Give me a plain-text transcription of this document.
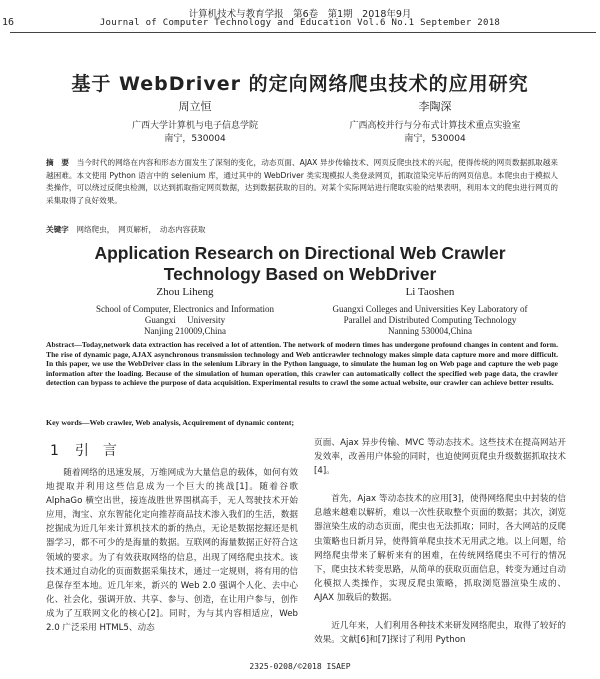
16
计算机技术与教育学报　第6卷　第1期　2018年9月
Journal of Computer Technology and Education Vol.6 No.1 September 2018
基于 WebDriver 的定向网络爬虫技术的应用研究
周立恒
广西大学计算机与电子信息学院
南宁，530004
李陶深
广西高校并行与分布式计算技术重点实验室
南宁，530004
摘　要　 当今时代的网络在内容和形态方面发生了深刻的变化，动态页面、AJAX 异步传输技术、网页反爬虫技术的兴起，使得传统的网页数据抓取越来越困难。本文使用 Python 语言中的 selenium 库，通过其中的 WebDriver 类实现模拟人类登录网页，抓取渲染完毕后的网页信息。本爬虫由于模拟人类操作，可以绕过反爬虫检测，以达到抓取指定网页数据，达到数据获取的目的。对某个实际网站进行爬取实验的结果表明，利用本文的爬虫进行网页的采集取得了良好效果。
关键字　 网络爬虫，　网页解析，　动态内容获取
Application Research on Directional Web Crawler
Technology Based on WebDriver
Zhou Liheng
School of Computer, Electronics and Information
Guangxi　 University
Nanjing 210009,China
Li Taoshen
Guangxi Colleges and Universities Key Laboratory of
Parallel and Distributed Computing Technology
Nanning 530004,China
Abstract—Today,network data extraction has received a lot of attention. The network of modern times has undergone profound changes in content and form. The rise of dynamic page, AJAX asynchronous transmission technology and Web anticrawler technology makes simple data capture more and more difficult. In this paper, we use the WebDriver class in the selenium Library in the Python language, to simulate the human log on Web page and capture the web page information after the loading. Because of the simulation of human operation, this crawler can automatically collect the specified web page data, the crawler detection can bypass to achieve the purpose of data acquisition. Experimental results to crawl the some actual website, our crawler can achieve better results.
Key words—Web crawler, Web analysis, Acquirement of dynamic content;
1 引　言

随着网络的迅速发展，万维网成为大量信息的载体，如何有效地提取并利用这些信息成为一个巨大的挑战[1]。随着谷歌 AlphaGo 横空出世，接连战胜世界围棋高手，无人驾驶技术开始应用，淘宝、京东智能化定向推荐商品技术渗入我们的生活，数据挖掘成为近几年来计算机技术的新的热点，无论是数据挖掘还是机器学习，都不可少的是海量的数据。互联网的海量数据正好符合这领域的要求。为了有效获取网络的信息，出现了网络爬虫技术。该技术通过自动化的页面数据采集技术，通过一定规则，将有用的信息保存至本地。近几年来，新兴的 Web 2.0 强调个人化、去中心化、社会化，强调开放、共享、参与、创造，在让用户参与，创作成为了互联网文化的核心[2]。同时，为与其内容相适应，Web 2.0 广泛采用 HTML5、动态

页面、Ajax 异步传输、MVC 等动态技术。这些技术在提高网站开发效率，改善用户体验的同时，也迫使网页爬虫升级数据抓取技术[4]。

首先，Ajax 等动态技术的应用[3]，使得网络爬虫中封装的信息越来越难以解析，难以一次性获取整个页面的数据；其次，浏览器渲染生成的动态页面，爬虫也无法抓取；同时，各大网站的反爬虫策略也日新月异，使得简单爬虫技术无用武之地。以上问题，给网络爬虫带来了解析来有的困难，在传统网络爬虫不可行的情况下，爬虫技术转变思路，从简单的获取页面信息，转变为通过自动化模拟人类操作，实现反爬虫策略，抓取浏览器渲染生成的、AJAX 加载后的数据。

近几年来，人们利用各种技术来研发网络爬虫，取得了较好的效果。文献[6]和[7]探讨了利用 Python

2325-0208/©2018 ISAEP
